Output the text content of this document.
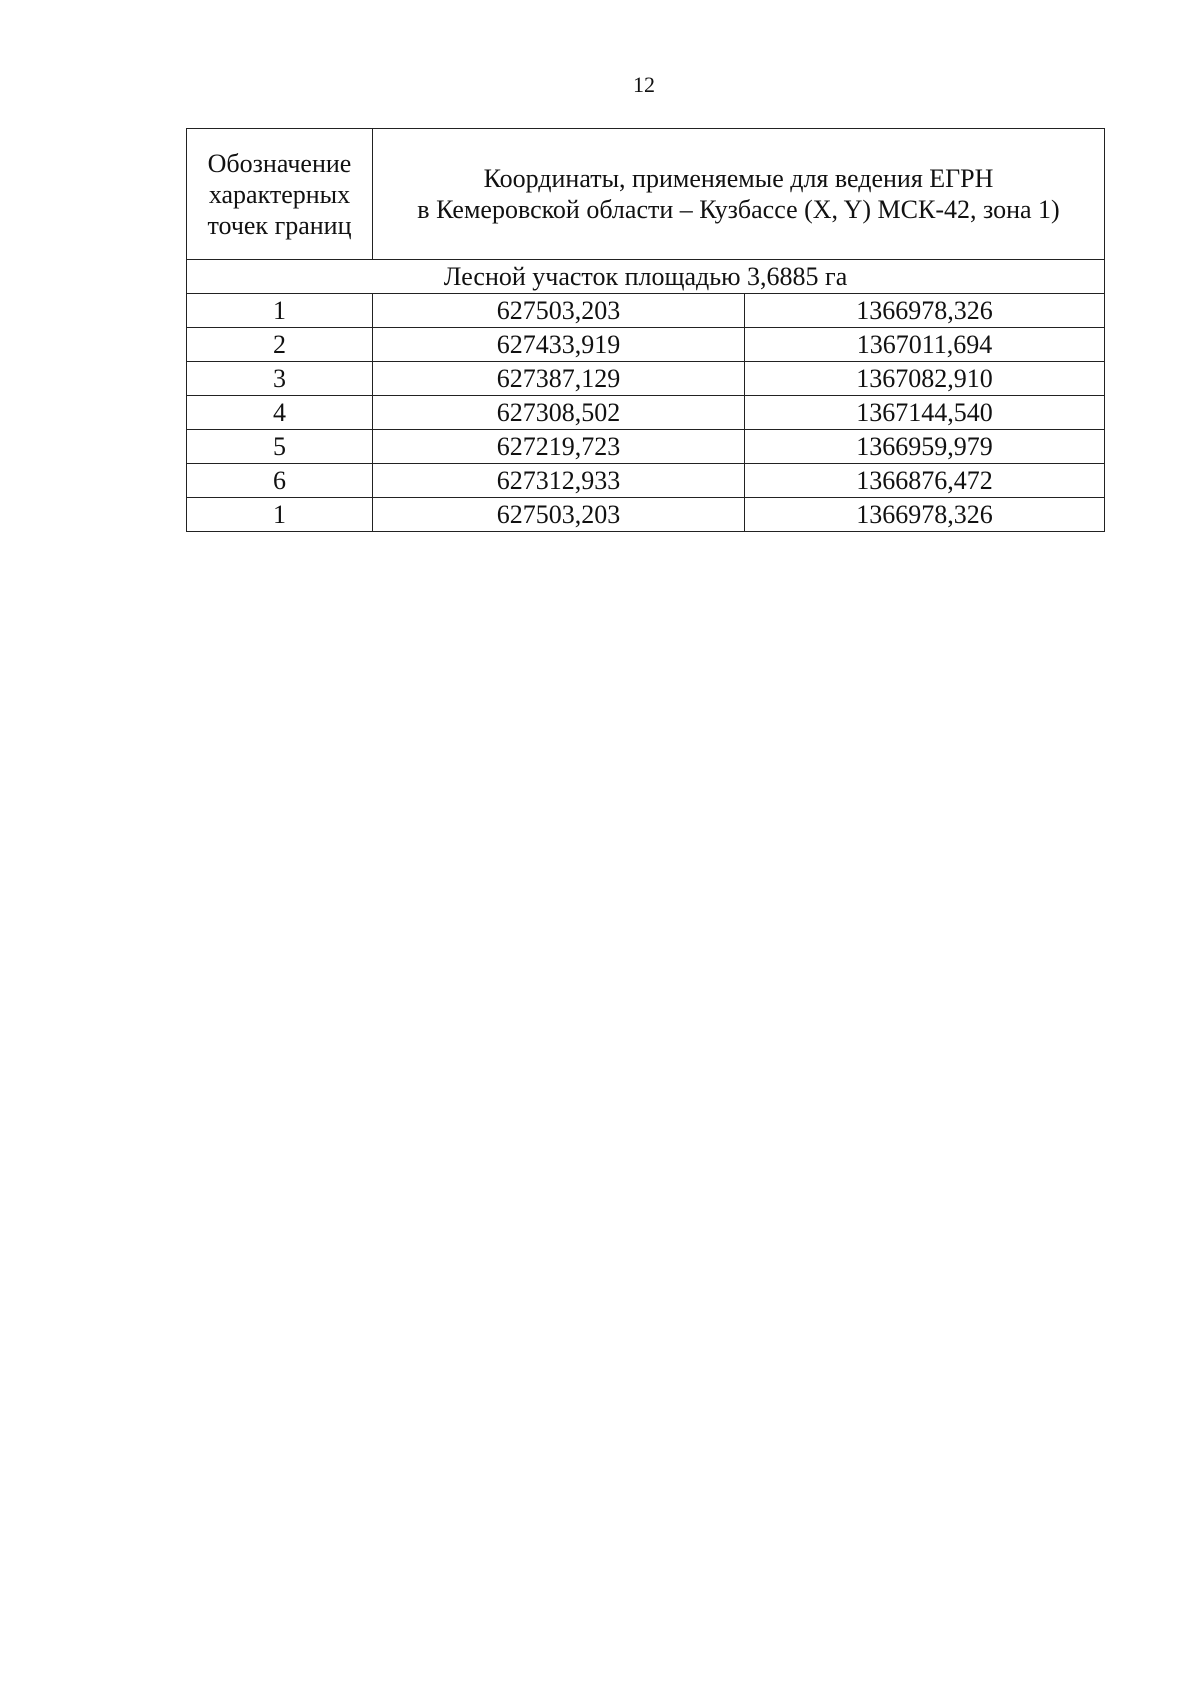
12
Обозначение
характерных
точек границ	Координаты, применяемые для ведения ЕГРН
в Кемеровской области – Кузбассе (X, Y) МСК-42, зона 1)	

Лесной участок площадью 3,6885 га		
1	627503,203	1366978,326
2	627433,919	1367011,694
3	627387,129	1367082,910
4	627308,502	1367144,540
5	627219,723	1366959,979
6	627312,933	1366876,472
1	627503,203	1366978,326
